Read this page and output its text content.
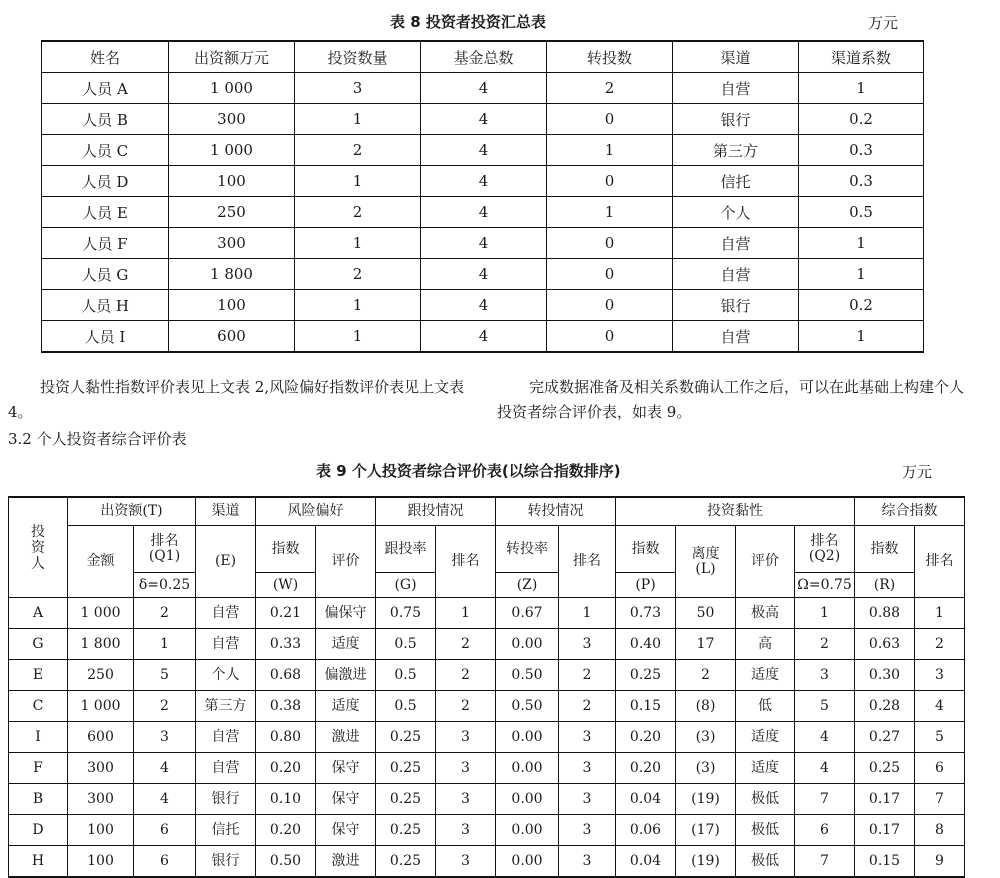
表 8 投资者投资汇总表	万元
姓名	出资额万元	投资数量	基金总数	转投数	渠道	渠道系数
人员 A	1 000	3	4	2	自营	1
人员 B	300	1	4	0	银行	0.2
人员 C	1 000	2	4	1	第三方	0.3
人员 D	100	1	4	0	信托	0.3
人员 E	250	2	4	1	个人	0.5
人员 F	300	1	4	0	自营	1
人员 G	1 800	2	4	0	自营	1
人员 H	100	1	4	0	银行	0.2
人员 I	600	1	4	0	自营	1
投资人黏性指数评价表见上文表 2,风险偏好指数评价表见上文表 4。
完成数据准备及相关系数确认工作之后，可以在此基础上构建个人投资者综合评价表，如表 9。
3.2 个人投资者综合评价表
表 9 个人投资者综合评价表(以综合指数排序)	万元
投资人	出资额(T)		渠道	风险偏好		跟投情况		转投情况		投资黏性				综合指数	
	金额	排名(Q1)	(E)	指数	评价	跟投率	排名	转投率	排名	指数	离度(L)	评价	排名(Q2)	指数	排名
		δ=0.25		(W)		(G)		(Z)		(P)			Ω=0.75	(R)	
A	1 000	2	自营	0.21	偏保守	0.75	1	0.67	1	0.73	50	极高	1	0.88	1
G	1 800	1	自营	0.33	适度	0.5	2	0.00	3	0.40	17	高	2	0.63	2
E	250	5	个人	0.68	偏激进	0.5	2	0.50	2	0.25	2	适度	3	0.30	3
C	1 000	2	第三方	0.38	适度	0.5	2	0.50	2	0.15	(8)	低	5	0.28	4
I	600	3	自营	0.80	激进	0.25	3	0.00	3	0.20	(3)	适度	4	0.27	5
F	300	4	自营	0.20	保守	0.25	3	0.00	3	0.20	(3)	适度	4	0.25	6
B	300	4	银行	0.10	保守	0.25	3	0.00	3	0.04	(19)	极低	7	0.17	7
D	100	6	信托	0.20	保守	0.25	3	0.00	3	0.06	(17)	极低	6	0.17	8
H	100	6	银行	0.50	激进	0.25	3	0.00	3	0.04	(19)	极低	7	0.15	9
